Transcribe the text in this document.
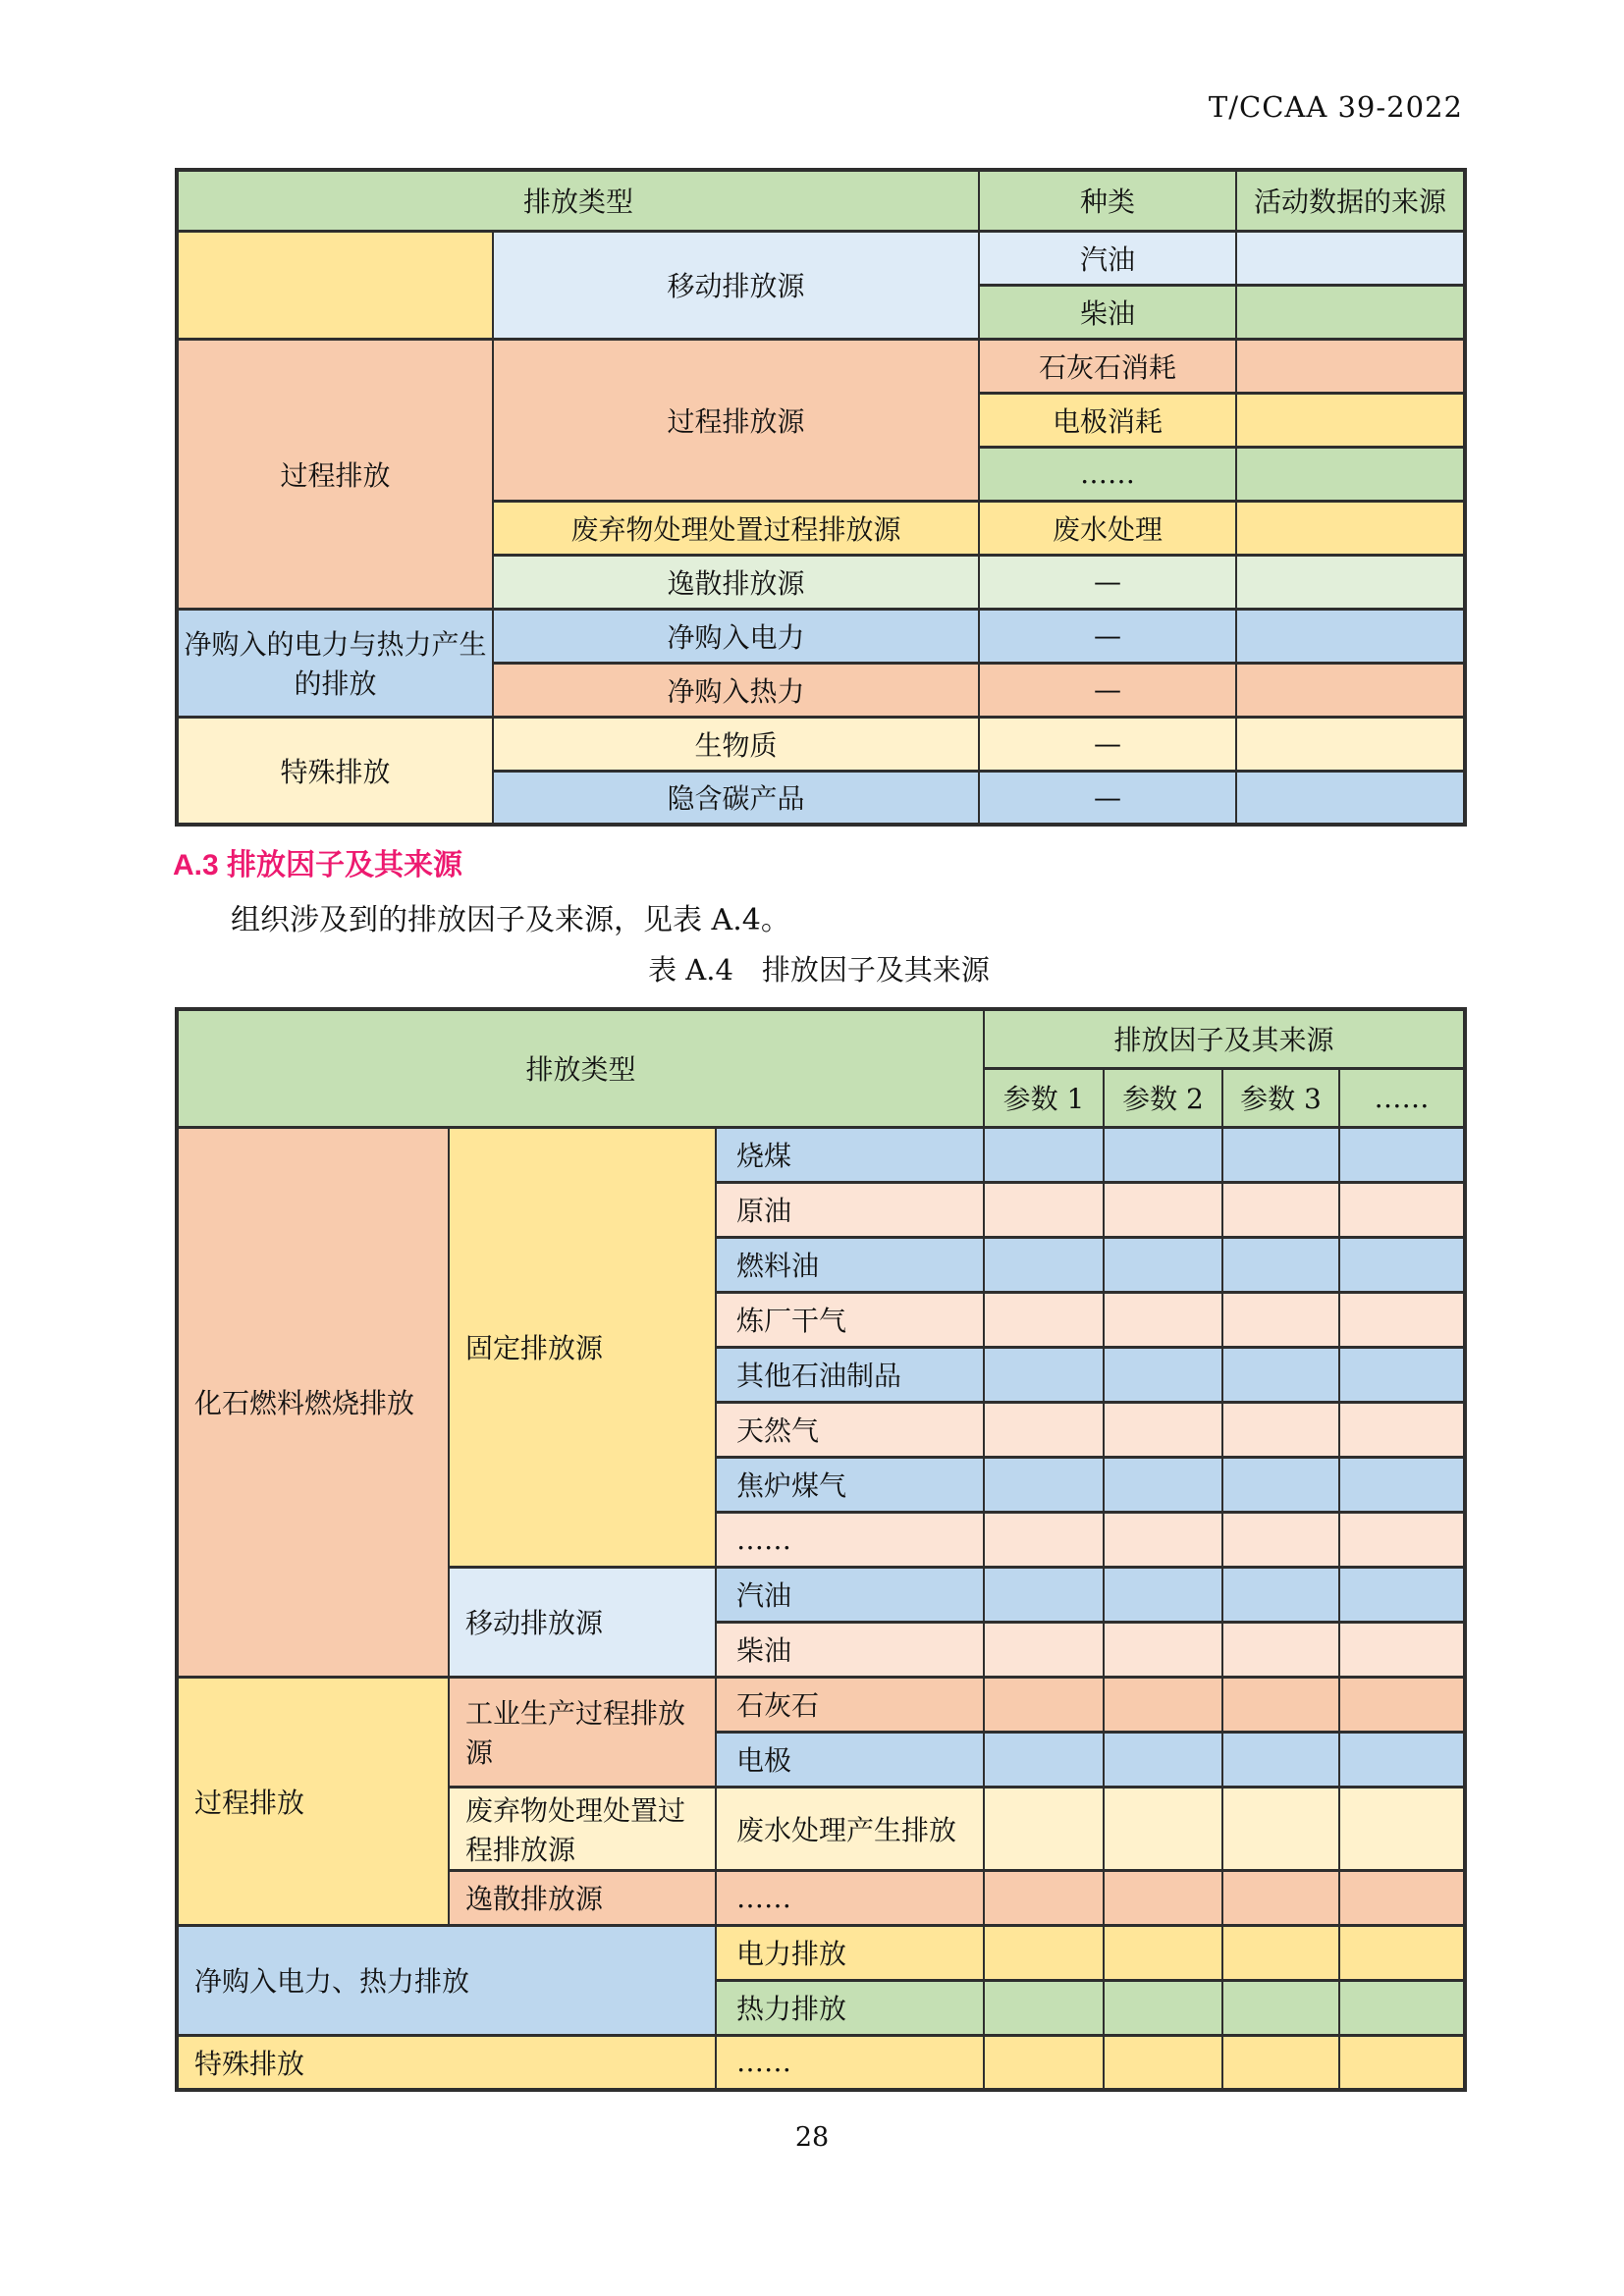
T/CCAA 39-2022
排放类型		种类	活动数据的来源
	移动排放源	汽油	
		柴油	
过程排放	过程排放源	石灰石消耗	
		电极消耗	
		……	
	废弃物处理处置过程排放源	废水处理	
	逸散排放源	—	
净购入的电力与热力产生的排放	净购入电力	—	
	净购入热力	—	
特殊排放	生物质	—	
	隐含碳产品	—	
A.3 排放因子及其来源
组织涉及到的排放因子及来源，见表 A.4。
表 A.4　排放因子及其来源
排放类型			排放因子及其来源			
			参数 1	参数 2	参数 3	……
化石燃料燃烧排放	固定排放源	烧煤				
		原油				
		燃料油				
		炼厂干气				
		其他石油制品				
		天然气				
		焦炉煤气				
		……				
	移动排放源	汽油				
		柴油				
过程排放	工业生产过程排放源	石灰石				
		电极				
	废弃物处理处置过程排放源	废水处理产生排放				
	逸散排放源	……				
净购入电力、热力排放		电力排放				
		热力排放				
特殊排放		……				
28
